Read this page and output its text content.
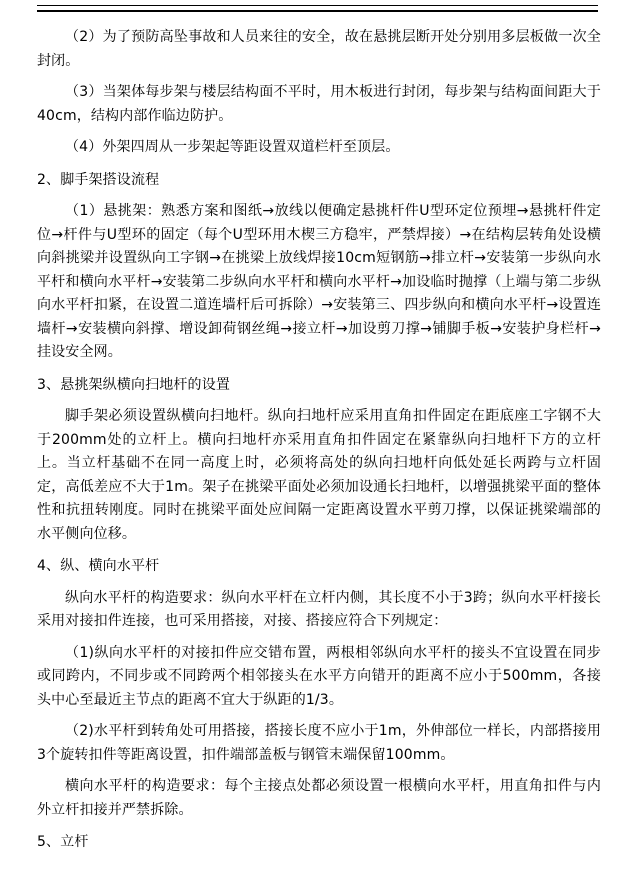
（2）为了预防高坠事故和人员来往的安全，故在悬挑层断开处分别用多层板做一次全封闭。

（3）当架体每步架与楼层结构面不平时，用木板进行封闭，每步架与结构面间距大于40cm，结构内部作临边防护。

（4）外架四周从一步架起等距设置双道栏杆至顶层。

2、脚手架搭设流程

（1）悬挑架：熟悉方案和图纸→放线以便确定悬挑杆件U型环定位预埋→悬挑杆件定位→杆件与U型环的固定（每个U型环用木楔三方稳牢，严禁焊接）→在结构层转角处设横向斜挑梁并设置纵向工字钢→在挑梁上放线焊接10cm短钢筋→排立杆→安装第一步纵向水平杆和横向水平杆→安装第二步纵向水平杆和横向水平杆→加设临时抛撑（上端与第二步纵向水平杆扣紧，在设置二道连墙杆后可拆除）→安装第三、四步纵向和横向水平杆→设置连墙杆→安装横向斜撑、增设卸荷钢丝绳→接立杆→加设剪刀撑→铺脚手板→安装护身栏杆→挂设安全网。

3、悬挑架纵横向扫地杆的设置

脚手架必须设置纵横向扫地杆。纵向扫地杆应采用直角扣件固定在距底座工字钢不大于200mm处的立杆上。横向扫地杆亦采用直角扣件固定在紧靠纵向扫地杆下方的立杆上。当立杆基础不在同一高度上时，必须将高处的纵向扫地杆向低处延长两跨与立杆固定，高低差应不大于1m。架子在挑梁平面处必须加设通长扫地杆，以增强挑梁平面的整体性和抗扭转刚度。同时在挑梁平面处应间隔一定距离设置水平剪刀撑，以保证挑梁端部的水平侧向位移。

4、纵、横向水平杆

纵向水平杆的构造要求：纵向水平杆在立杆内侧，其长度不小于3跨；纵向水平杆接长采用对接扣件连接，也可采用搭接，对接、搭接应符合下列规定：

（1)纵向水平杆的对接扣件应交错布置，两根相邻纵向水平杆的接头不宜设置在同步或同跨内，不同步或不同跨两个相邻接头在水平方向错开的距离不应小于500mm，各接头中心至最近主节点的距离不宜大于纵距的1/3。

（2)水平杆到转角处可用搭接，搭接长度不应小于1m，外伸部位一样长，内部搭接用3个旋转扣件等距离设置，扣件端部盖板与钢管末端保留100mm。

横向水平杆的构造要求：每个主接点处都必须设置一根横向水平杆，用直角扣件与内外立杆扣接并严禁拆除。

5、立杆
